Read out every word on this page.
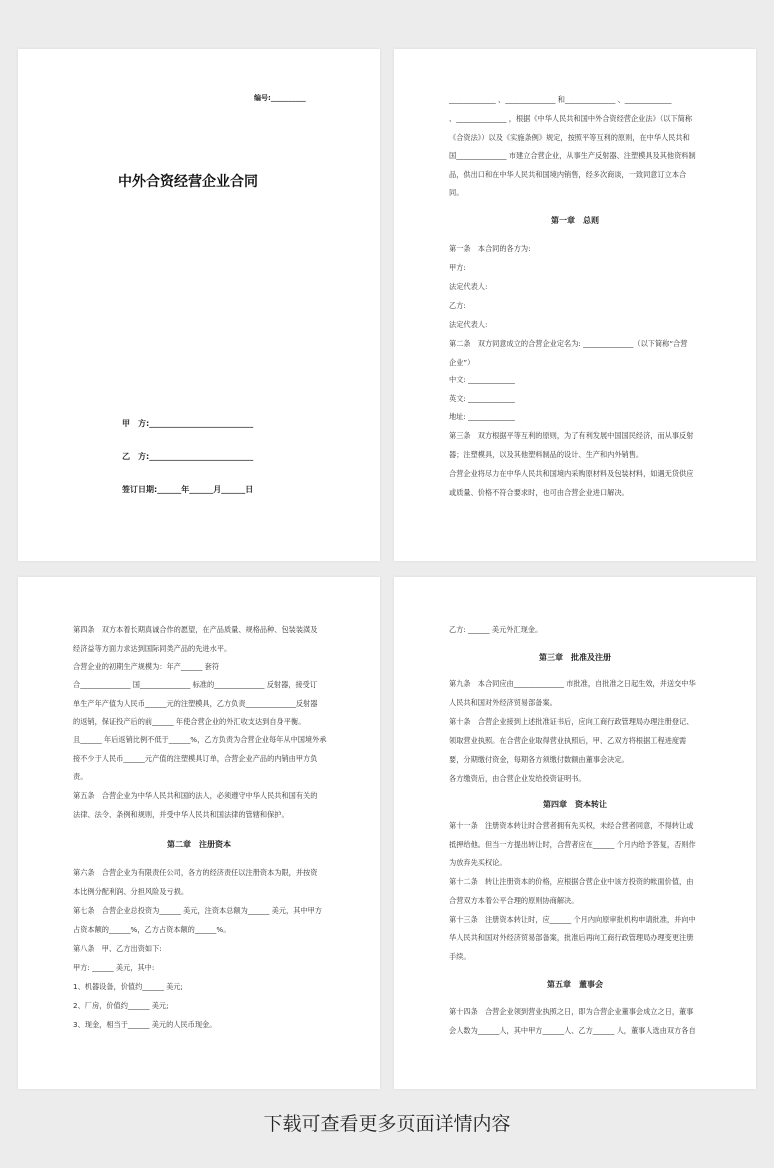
编号:__________
中外合资经营企业合同
甲　方:__________________________
乙　方:__________________________
签订日期:______年______月______日
_____________ 、______________ 和______________ 、_____________
、______________ ，根据《中华人民共和国中外合资经营企业法》（以下简称
《合资法》）以及《实施条例》规定，按照平等互利的原则，在中华人民共和
国______________ 市建立合营企业，从事生产反射器、注塑模具及其他资料制
品，供出口和在中华人民共和国境内销售，经多次商谈，一致同意订立本合
同。
第一章　总则
第一条　本合同的各方为:
甲方:
法定代表人:
乙方:
法定代表人:
第二条　双方同意成立的合营企业定名为: ______________（以下简称“合营
企业”）
中文: _____________
英文: _____________
地址: _____________
第三条　双方根据平等互利的原则，为了有利发展中国国民经济，而从事反射
器；注塑模具，以及其他塑料制品的设计、生产和内外销售。
合营企业将尽力在中华人民共和国境内采购原材料及包装材料，如遇无货供应
或质量、价格不符合要求时，也可由合营企业进口解决。
第四条　双方本着长期真诚合作的愿望，在产品质量、规格品种、包装装潢及
经济益等方面力求达到国际同类产品的先进水平。
合营企业的初期生产规模为：年产______ 套符
合______________ 国______________ 标准的______________ 反射器，接受订
单生产年产值为人民币______元的注塑模具，乙方负责______________反射器
的返销，保证投产后的前______ 年使合营企业的外汇收支达到自身平衡。
且______ 年后返销比例不低于______%，乙方负责为合营企业每年从中国境外承
接不少于人民币______元产值的注塑模具订单，合营企业产品的内销由甲方负
责。
第五条　合营企业为中华人民共和国的法人，必须遵守中华人民共和国有关的
法律、法令、条例和规则，并受中华人民共和国法律的管辖和保护。
第二章　注册资本
第六条　合营企业为有限责任公司，各方的经济责任以注册资本为限，并按资
本比例分配利润、分担风险及亏损。
第七条　合营企业总投资为______ 美元，注资本总额为______ 美元，其中甲方
占资本额的______%，乙方占资本额的______%。
第八条　甲、乙方出资如下:
甲方: ______ 美元，其中:
1、机器设备，价值约______ 美元;
2、厂房，价值约______ 美元;
3、现金，相当于______ 美元的人民币现金。
乙方: ______ 美元外汇现金。
第三章　批准及注册
第九条　本合同应由______________ 市批准，自批准之日起生效，并送交中华
人民共和国对外经济贸易部备案。
第十条　合营企业接到上述批准证书后，应向工商行政管理局办理注册登记、
领取营业执照。在合营企业取得营业执照后，甲、乙双方将根据工程进度需
要，分期缴付资金，每期各方须缴付数额由董事会决定。
各方缴资后，由合营企业发给投资证明书。
第四章　资本转让
第十一条　注册资本转让时合营者拥有先买权，未经合营者同意，不得转让或
抵押给他。但当一方提出转让时，合营者应在______ 个月内给予答复，否则作
为放弃先买权论。
第十二条　转让注册资本的价格，应根据合营企业中该方投资的帐面价值，由
合营双方本着公平合理的原则协商解决。
第十三条　注册资本转让时，应______ 个月内向原审批机构申请批准，并向中
华人民共和国对外经济贸易部备案，批准后再向工商行政管理局办理变更注册
手续。
第五章　董事会
第十四条　合营企业领到营业执照之日，即为合营企业董事会成立之日，董事
会人数为______人，其中甲方______人、乙方______ 人，董事人选由双方各自
下载可查看更多页面详情内容
